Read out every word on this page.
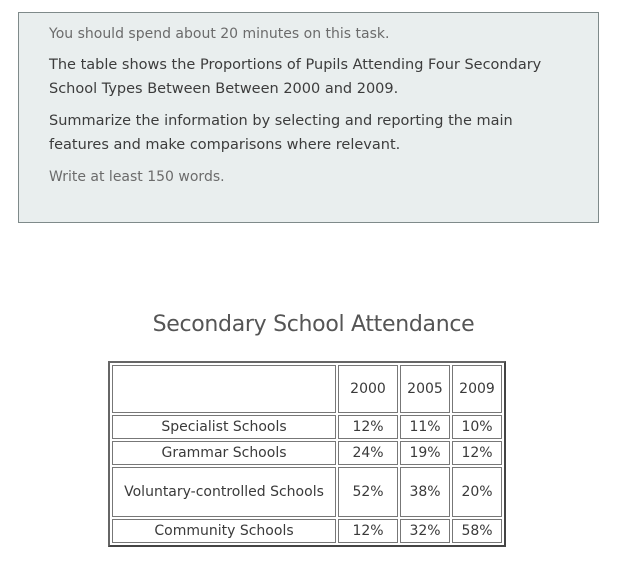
You should spend about 20 minutes on this task.

The table shows the Proportions of Pupils Attending Four Secondary School Types Between Between 2000 and 2009.

Summarize the information by selecting and reporting the main features and make comparisons where relevant.

Write at least 150 words.

Secondary School Attendance
	2000	2005	2009
Specialist Schools	12%	11%	10%
Grammar Schools	24%	19%	12%
Voluntary-controlled Schools	52%	38%	20%
Community Schools	12%	32%	58%
